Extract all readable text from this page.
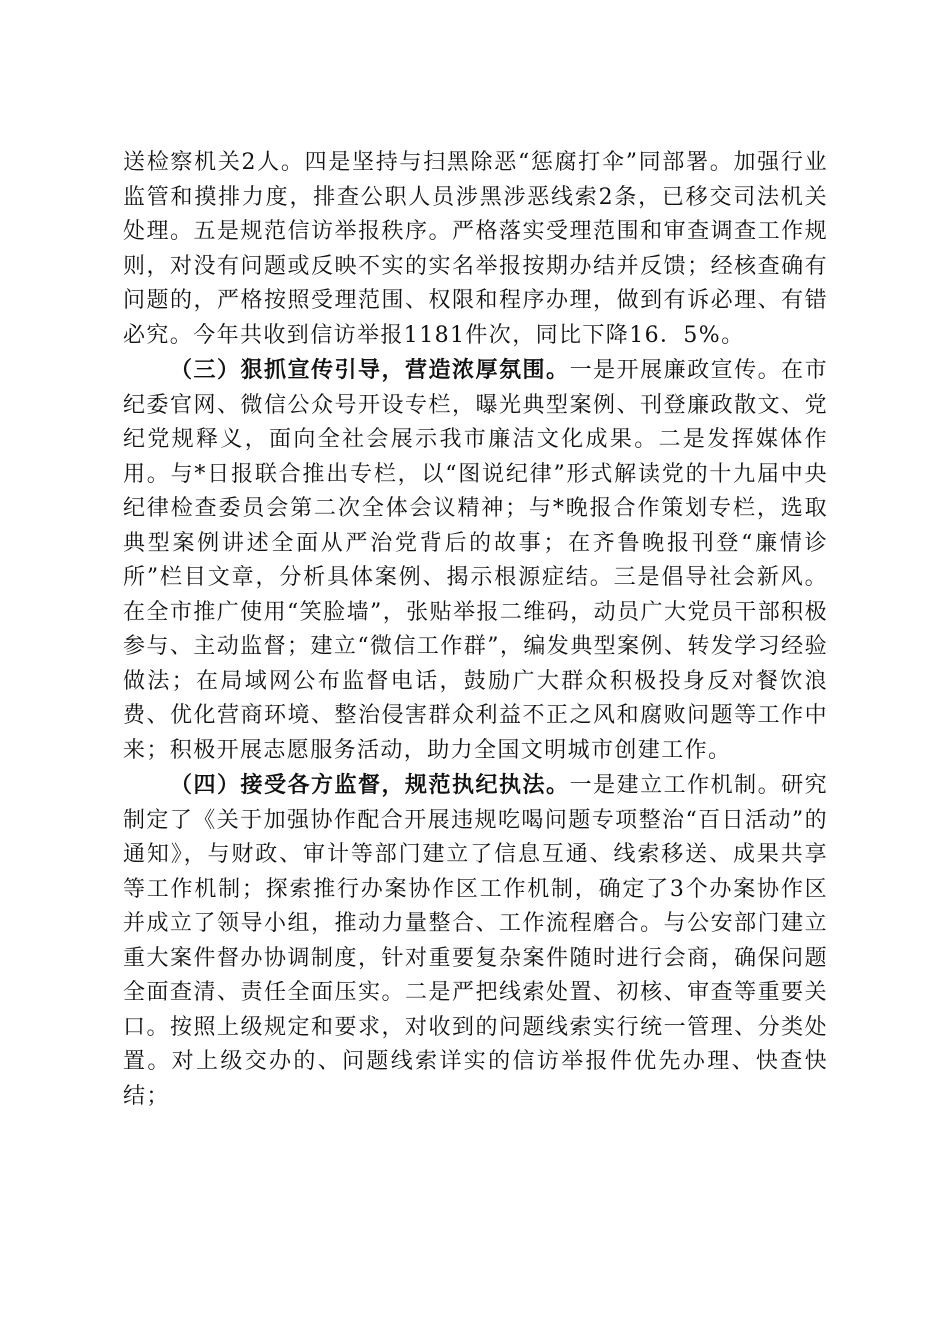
送检察机关2人。四是坚持与扫黑除恶“惩腐打伞”同部署。加强行业监管和摸排力度，排查公职人员涉黑涉恶线索2条，已移交司法机关处理。五是规范信访举报秩序。严格落实受理范围和审查调查工作规则，对没有问题或反映不实的实名举报按期办结并反馈；经核查确有问题的，严格按照受理范围、权限和程序办理，做到有诉必理、有错必究。今年共收到信访举报1181件次，同比下降16．5%。

（三）狠抓宣传引导，营造浓厚氛围。一是开展廉政宣传。在市纪委官网、微信公众号开设专栏，曝光典型案例、刊登廉政散文、党纪党规释义，面向全社会展示我市廉洁文化成果。二是发挥媒体作用。与*日报联合推出专栏，以“图说纪律”形式解读党的十九届中央纪律检查委员会第二次全体会议精神；与*晚报合作策划专栏，选取典型案例讲述全面从严治党背后的故事；在齐鲁晚报刊登“廉情诊所”栏目文章，分析具体案例、揭示根源症结。三是倡导社会新风。在全市推广使用“笑脸墙”，张贴举报二维码，动员广大党员干部积极参与、主动监督；建立“微信工作群”，编发典型案例、转发学习经验做法；在局域网公布监督电话，鼓励广大群众积极投身反对餐饮浪费、优化营商环境、整治侵害群众利益不正之风和腐败问题等工作中来；积极开展志愿服务活动，助力全国文明城市创建工作。

（四）接受各方监督，规范执纪执法。一是建立工作机制。研究制定了《关于加强协作配合开展违规吃喝问题专项整治“百日活动”的通知》，与财政、审计等部门建立了信息互通、线索移送、成果共享等工作机制；探索推行办案协作区工作机制，确定了3个办案协作区并成立了领导小组，推动力量整合、工作流程磨合。与公安部门建立重大案件督办协调制度，针对重要复杂案件随时进行会商，确保问题全面查清、责任全面压实。二是严把线索处置、初核、审查等重要关口。按照上级规定和要求，对收到的问题线索实行统一管理、分类处置。对上级交办的、问题线索详实的信访举报件优先办理、快查快结；
